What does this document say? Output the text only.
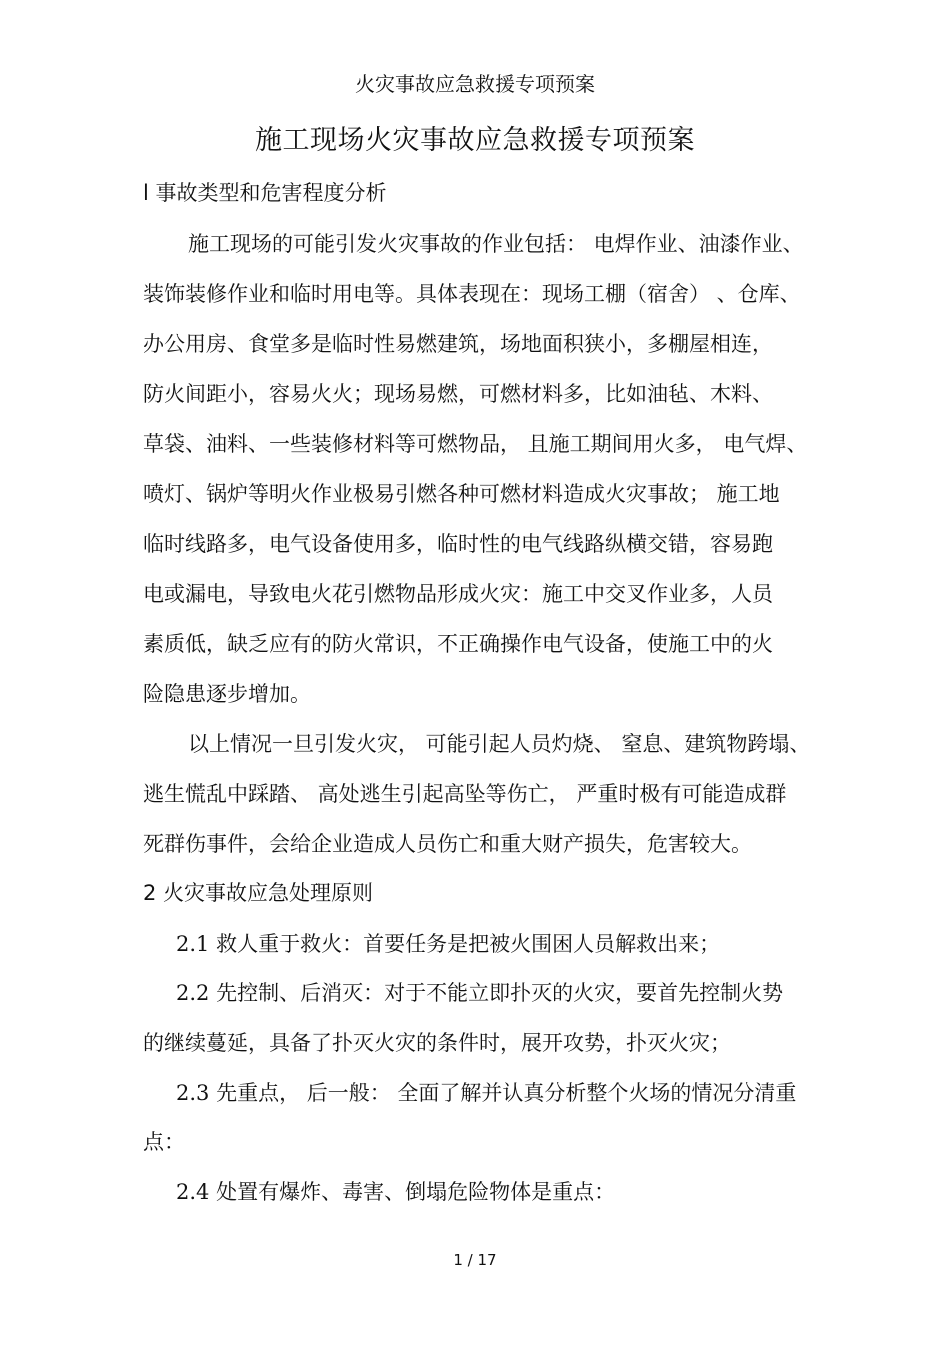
火灾事故应急救援专项预案
施工现场火灾事故应急救援专项预案
l 事故类型和危害程度分析
施工现场的可能引发火灾事故的作业包括： 电焊作业、油漆作业、
装饰装修作业和临时用电等。具体表现在：现场工棚（宿舍） 、仓库、
办公用房、食堂多是临时性易燃建筑，场地面积狭小，多棚屋相连，
防火间距小，容易火火；现场易燃，可燃材料多，比如油毡、木料、
草袋、油料、一些装修材料等可燃物品， 且施工期间用火多， 电气焊、
喷灯、锅炉等明火作业极易引燃各种可燃材料造成火灾事故； 施工地
临时线路多，电气设备使用多，临时性的电气线路纵横交错，容易跑
电或漏电，导致电火花引燃物品形成火灾：施工中交叉作业多，人员
素质低，缺乏应有的防火常识，不正确操作电气设备，使施工中的火
险隐患逐步增加。
以上情况一旦引发火灾， 可能引起人员灼烧、 窒息、建筑物跨塌、
逃生慌乱中踩踏、 高处逃生引起高坠等伤亡， 严重时极有可能造成群
死群伤事件，会给企业造成人员伤亡和重大财产损失，危害较大。
2 火灾事故应急处理原则
2.1 救人重于救火：首要任务是把被火围困人员解救出来；
2.2 先控制、后消灭：对于不能立即扑灭的火灾，要首先控制火势
的继续蔓延，具备了扑灭火灾的条件时，展开攻势，扑灭火灾；
2.3 先重点， 后一般： 全面了解并认真分析整个火场的情况分清重
点：
2.4 处置有爆炸、毒害、倒塌危险物体是重点：
1 / 17
